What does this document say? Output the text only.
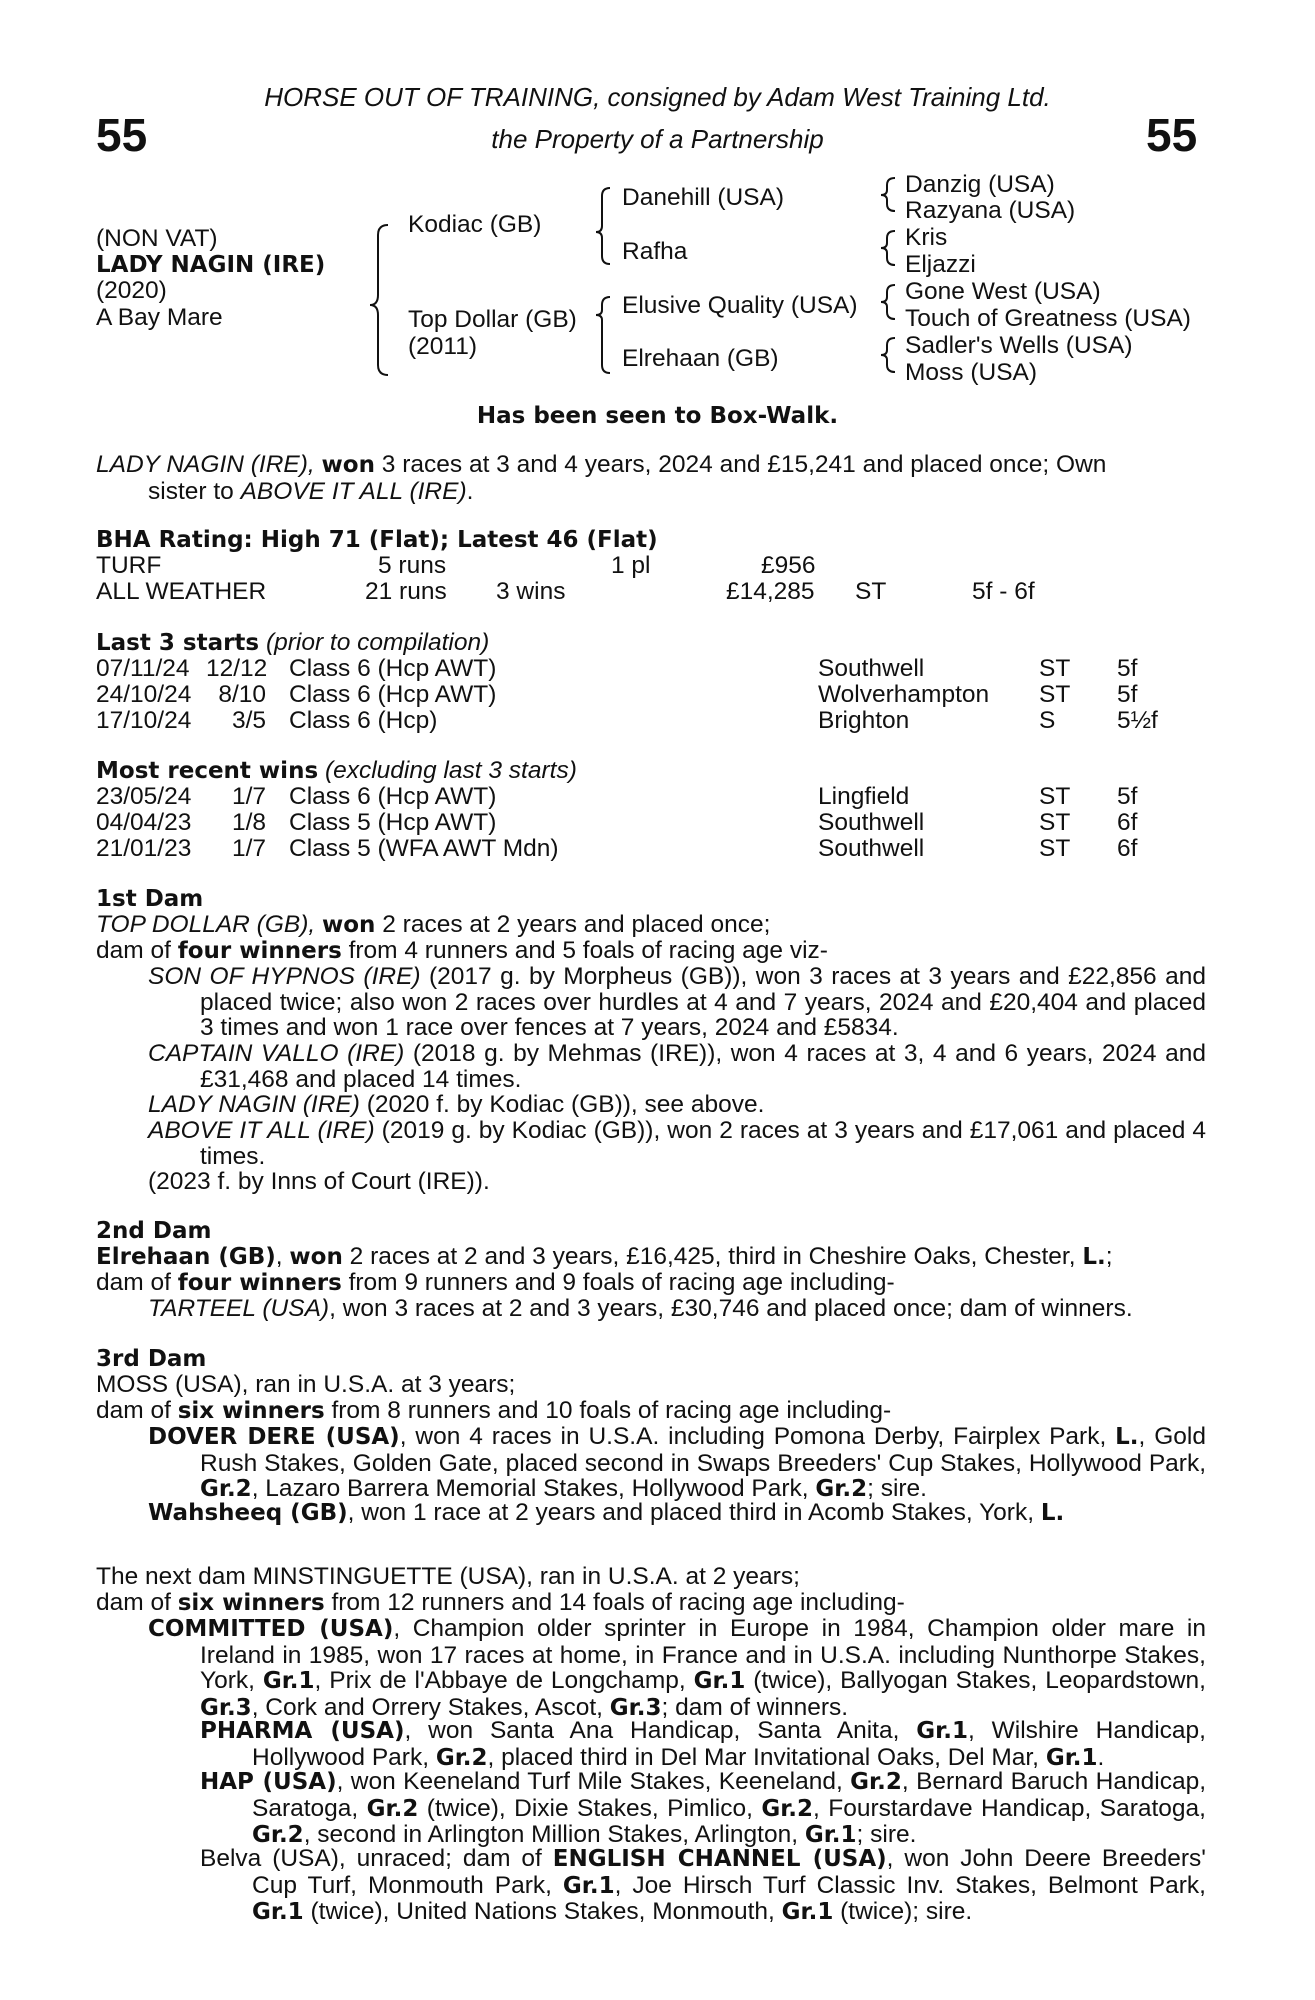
55	55
HORSE OUT OF TRAINING, consigned by Adam West Training Ltd.
the Property of a Partnership
(NON VAT)
LADY NAGIN (IRE)
(2020)
A Bay Mare
Kodiac (GB)
Top Dollar (GB)
(2011)
Danehill (USA)
Rafha
Elusive Quality (USA)
Elrehaan (GB)
Danzig (USA)
Razyana (USA)
Kris
Eljazzi
Gone West (USA)
Touch of Greatness (USA)
Sadler's Wells (USA)
Moss (USA)
Has been seen to Box-Walk.
LADY NAGIN (IRE), won 3 races at 3 and 4 years, 2024 and £15,241 and placed once; Own
sister to ABOVE IT ALL (IRE).
BHA Rating: High 71 (Flat); Latest 46 (Flat)
TURF	5 runs	1 pl	£956
ALL WEATHER	21 runs 3 wins	£14,285 ST	5f - 6f
Last 3 starts (prior to compilation)
07/11/24 12/12 Class 6 (Hcp AWT)	Southwell	ST 5f
24/10/24	8/10 Class 6 (Hcp AWT)	Wolverhampton ST 5f
17/10/24	3/5 Class 6 (Hcp)	Brighton	S	5½f
Most recent wins (excluding last 3 starts)
23/05/24	1/7 Class 6 (Hcp AWT)	Lingfield	ST 5f
04/04/23	1/8 Class 5 (Hcp AWT)	Southwell	ST 6f
21/01/23	1/7 Class 5 (WFA AWT Mdn)	Southwell	ST 6f
1st Dam
TOP DOLLAR (GB), won 2 races at 2 years and placed once;
dam of four winners from 4 runners and 5 foals of racing age viz-
SON OF HYPNOS (IRE) (2017 g. by Morpheus (GB)), won 3 races at 3 years and £22,856 and placed twice; also won 2 races over hurdles at 4 and 7 years, 2024 and £20,404 and placed 3 times and won 1 race over fences at 7 years, 2024 and £5834.
CAPTAIN VALLO (IRE) (2018 g. by Mehmas (IRE)), won 4 races at 3, 4 and 6 years, 2024 and £31,468 and placed 14 times.
LADY NAGIN (IRE) (2020 f. by Kodiac (GB)), see above.
ABOVE IT ALL (IRE) (2019 g. by Kodiac (GB)), won 2 races at 3 years and £17,061 and placed 4 times.
(2023 f. by Inns of Court (IRE)).
2nd Dam
Elrehaan (GB), won 2 races at 2 and 3 years, £16,425, third in Cheshire Oaks, Chester, L.;
dam of four winners from 9 runners and 9 foals of racing age including-
TARTEEL (USA), won 3 races at 2 and 3 years, £30,746 and placed once; dam of winners.
3rd Dam
MOSS (USA), ran in U.S.A. at 3 years;
dam of six winners from 8 runners and 10 foals of racing age including-
DOVER DERE (USA), won 4 races in U.S.A. including Pomona Derby, Fairplex Park, L., Gold Rush Stakes, Golden Gate, placed second in Swaps Breeders' Cup Stakes, Hollywood Park, Gr.2, Lazaro Barrera Memorial Stakes, Hollywood Park, Gr.2; sire.
Wahsheeq (GB), won 1 race at 2 years and placed third in Acomb Stakes, York, L.
The next dam MINSTINGUETTE (USA), ran in U.S.A. at 2 years;
dam of six winners from 12 runners and 14 foals of racing age including-
COMMITTED (USA), Champion older sprinter in Europe in 1984, Champion older mare in Ireland in 1985, won 17 races at home, in France and in U.S.A. including Nunthorpe Stakes, York, Gr.1, Prix de l'Abbaye de Longchamp, Gr.1 (twice), Ballyogan Stakes, Leopardstown, Gr.3, Cork and Orrery Stakes, Ascot, Gr.3; dam of winners.
PHARMA (USA), won Santa Ana Handicap, Santa Anita, Gr.1, Wilshire Handicap, Hollywood Park, Gr.2, placed third in Del Mar Invitational Oaks, Del Mar, Gr.1.
HAP (USA), won Keeneland Turf Mile Stakes, Keeneland, Gr.2, Bernard Baruch Handicap, Saratoga, Gr.2 (twice), Dixie Stakes, Pimlico, Gr.2, Fourstardave Handicap, Saratoga, Gr.2, second in Arlington Million Stakes, Arlington, Gr.1; sire.
Belva (USA), unraced; dam of ENGLISH CHANNEL (USA), won John Deere Breeders' Cup Turf, Monmouth Park, Gr.1, Joe Hirsch Turf Classic Inv. Stakes, Belmont Park, Gr.1 (twice), United Nations Stakes, Monmouth, Gr.1 (twice); sire.
